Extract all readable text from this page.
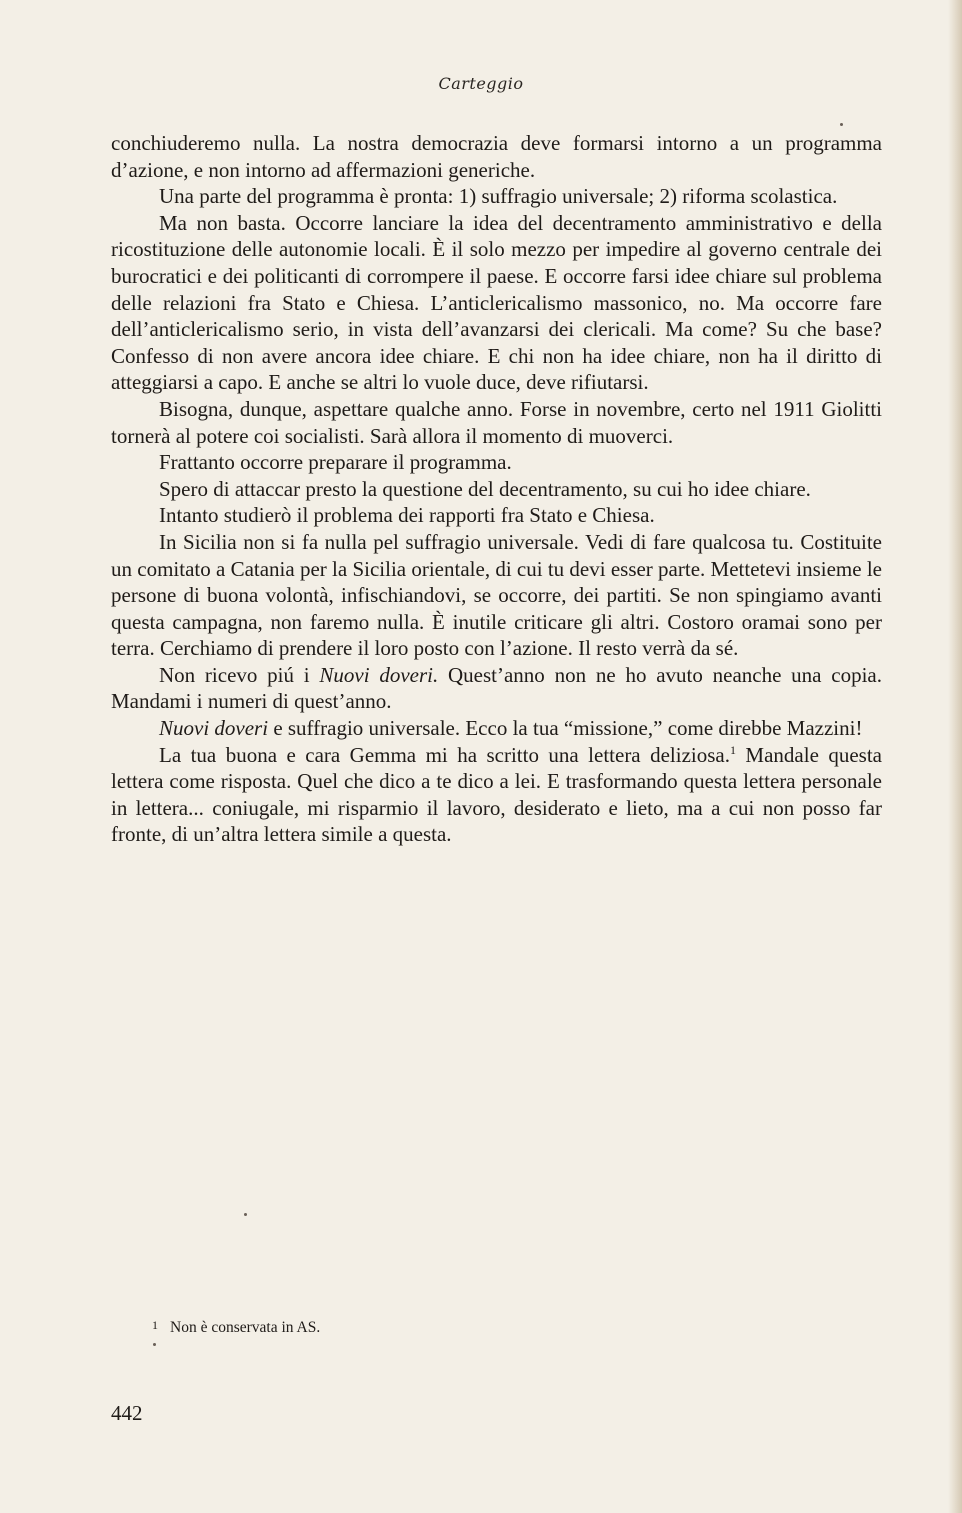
Carteggio

conchiuderemo nulla. La nostra democrazia deve formarsi intorno a un programma d’azione, e non intorno ad affermazioni generiche.

Una parte del programma è pronta: 1) suffragio universale; 2) riforma scolastica.

Ma non basta. Occorre lanciare la idea del decentramento amministrativo e della ricostituzione delle autonomie locali. È il solo mezzo per impedire al governo centrale dei burocratici e dei politicanti di corrompere il paese. E occorre farsi idee chiare sul problema delle relazioni fra Stato e Chiesa. L’anticlericalismo massonico, no. Ma occorre fare dell’anticlericalismo serio, in vista dell’avanzarsi dei clericali. Ma come? Su che base? Confesso di non avere ancora idee chiare. E chi non ha idee chiare, non ha il diritto di atteggiarsi a capo. E anche se altri lo vuole duce, deve rifiutarsi.

Bisogna, dunque, aspettare qualche anno. Forse in novembre, certo nel 1911 Giolitti tornerà al potere coi socialisti. Sarà allora il momento di muoverci.

Frattanto occorre preparare il programma.

Spero di attaccar presto la questione del decentramento, su cui ho idee chiare.

Intanto studierò il problema dei rapporti fra Stato e Chiesa.

In Sicilia non si fa nulla pel suffragio universale. Vedi di fare qualcosa tu. Costituite un comitato a Catania per la Sicilia orientale, di cui tu devi esser parte. Mettetevi insieme le persone di buona volontà, infischiandovi, se occorre, dei partiti. Se non spingiamo avanti questa campagna, non faremo nulla. È inutile criticare gli altri. Costoro oramai sono per terra. Cerchiamo di prendere il loro posto con l’azione. Il resto verrà da sé.

Non ricevo piú i Nuovi doveri. Quest’anno non ne ho avuto neanche una copia. Mandami i numeri di quest’anno.

Nuovi doveri e suffragio universale. Ecco la tua “missione,” come direbbe Mazzini!

La tua buona e cara Gemma mi ha scritto una lettera deliziosa.$^1$ Mandale questa lettera come risposta. Quel che dico a te dico a lei. E trasformando questa lettera personale in lettera... coniugale, mi risparmio il lavoro, desiderato e lieto, ma a cui non posso far fronte, di un’altra lettera simile a questa.

1 Non è conservata in AS.
442
